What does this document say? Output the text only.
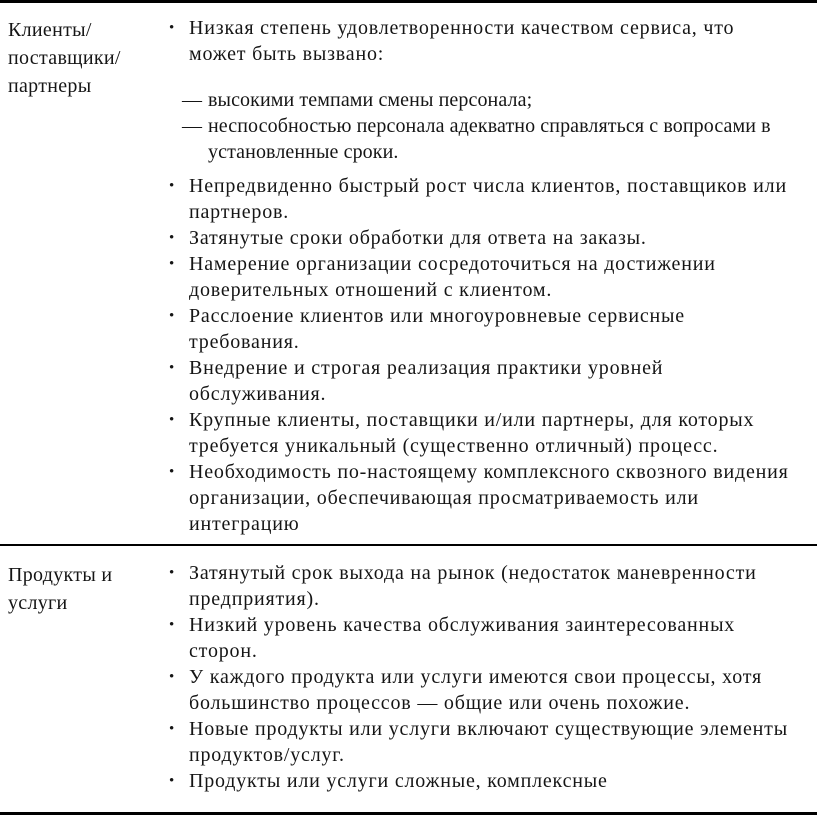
Клиенты/
поставщики/
партнеры
• Низкая степень удовлетворенности качеством сервиса, что может быть вызвано:
— высокими темпами смены персонала;
— неспособностью персонала адекватно справляться с вопросами в установленные сроки.
• Непредвиденно быстрый рост числа клиентов, поставщиков или партнеров.
• Затянутые сроки обработки для ответа на заказы.
• Намерение организации сосредоточиться на достижении доверительных отношений с клиентом.
• Расслоение клиентов или многоуровневые сервисные требования.
• Внедрение и строгая реализация практики уровней обслуживания.
• Крупные клиенты, поставщики и/или партнеры, для которых требуется уникальный (существенно отличный) процесс.
• Необходимость по-настоящему комплексного сквозного видения организации, обеспечивающая просматриваемость или интеграцию
Продукты и
услуги
• Затянутый срок выхода на рынок (недостаток маневренности предприятия).
• Низкий уровень качества обслуживания заинтересованных сторон.
• У каждого продукта или услуги имеются свои процессы, хотя большинство процессов — общие или очень похожие.
• Новые продукты или услуги включают существующие элементы продуктов/услуг.
• Продукты или услуги сложные, комплексные
